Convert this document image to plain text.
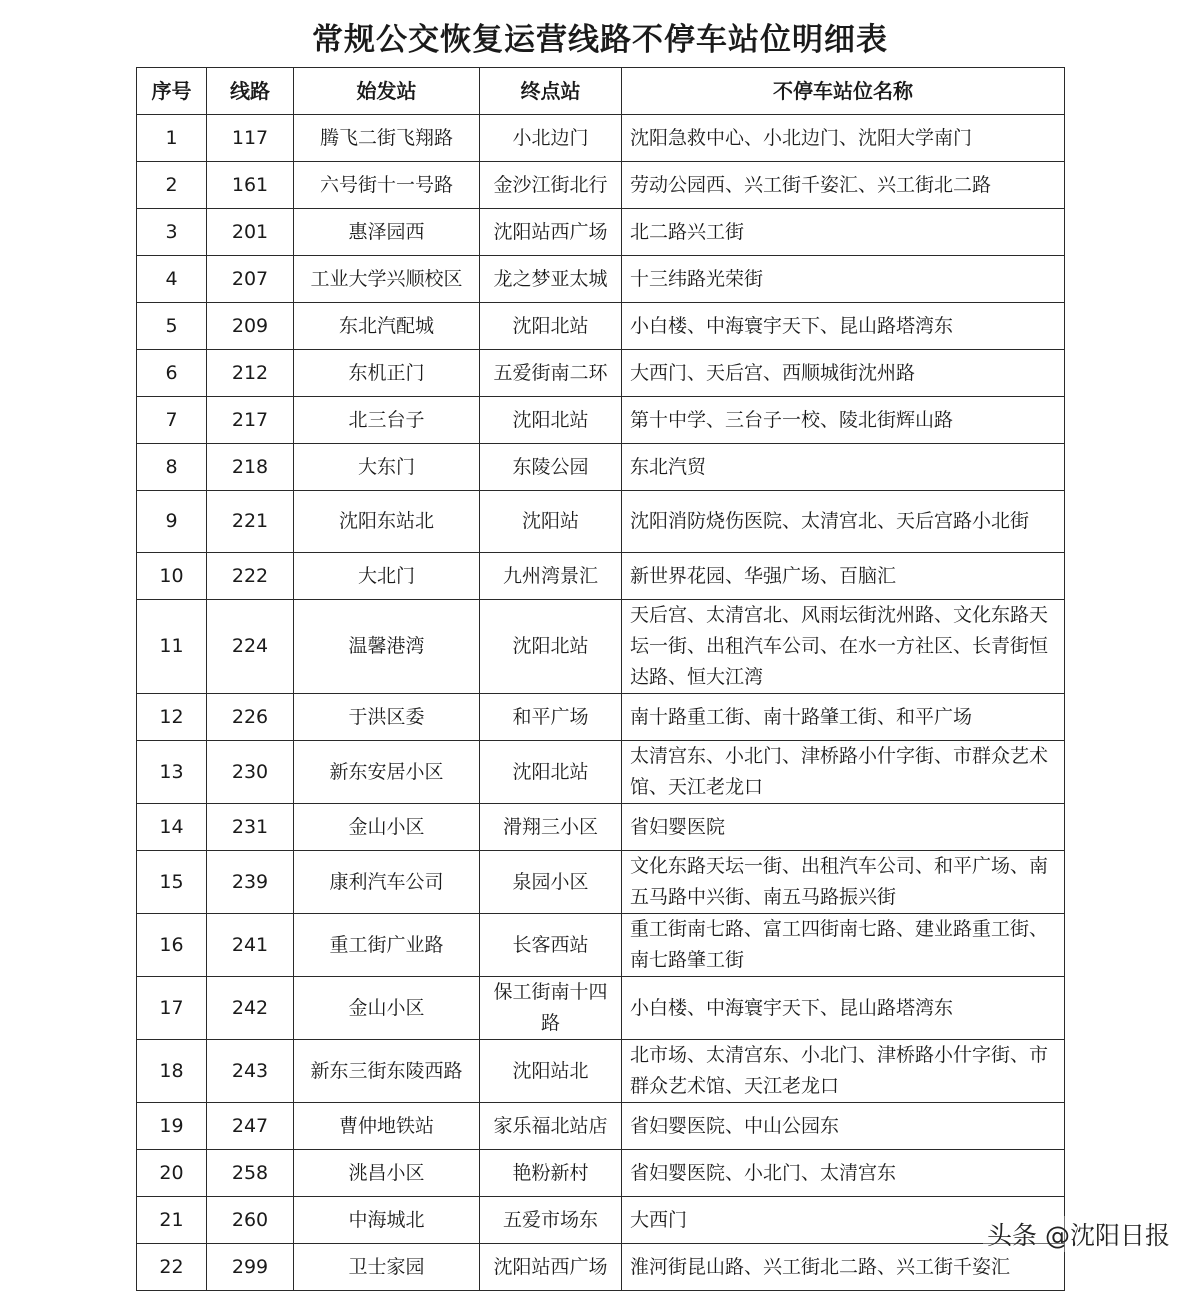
常规公交恢复运营线路不停车站位明细表
序号	线路	始发站	终点站	不停车站位名称
1	117	腾飞二街飞翔路	小北边门	沈阳急救中心、小北边门、沈阳大学南门
2	161	六号街十一号路	金沙江街北行	劳动公园西、兴工街千姿汇、兴工街北二路
3	201	惠泽园西	沈阳站西广场	北二路兴工街
4	207	工业大学兴顺校区	龙之梦亚太城	十三纬路光荣街
5	209	东北汽配城	沈阳北站	小白楼、中海寰宇天下、昆山路塔湾东
6	212	东机正门	五爱街南二环	大西门、天后宫、西顺城街沈州路
7	217	北三台子	沈阳北站	第十中学、三台子一校、陵北街辉山路
8	218	大东门	东陵公园	东北汽贸
9	221	沈阳东站北	沈阳站	沈阳消防烧伤医院、太清宫北、天后宫路小北街
10	222	大北门	九州湾景汇	新世界花园、华强广场、百脑汇
11	224	温馨港湾	沈阳北站	天后宫、太清宫北、风雨坛街沈州路、文化东路天坛一街、出租汽车公司、在水一方社区、长青街恒达路、恒大江湾
12	226	于洪区委	和平广场	南十路重工街、南十路肇工街、和平广场
13	230	新东安居小区	沈阳北站	太清宫东、小北门、津桥路小什字街、市群众艺术馆、天江老龙口
14	231	金山小区	滑翔三小区	省妇婴医院
15	239	康利汽车公司	泉园小区	文化东路天坛一街、出租汽车公司、和平广场、南五马路中兴街、南五马路振兴街
16	241	重工街广业路	长客西站	重工街南七路、富工四街南七路、建业路重工街、南七路肇工街
17	242	金山小区	保工街南十四路	小白楼、中海寰宇天下、昆山路塔湾东
18	243	新东三街东陵西路	沈阳站北	北市场、太清宫东、小北门、津桥路小什字街、市群众艺术馆、天江老龙口
19	247	曹仲地铁站	家乐福北站店	省妇婴医院、中山公园东
20	258	洮昌小区	艳粉新村	省妇婴医院、小北门、太清宫东
21	260	中海城北	五爱市场东	大西门
22	299	卫士家园	沈阳站西广场	淮河街昆山路、兴工街北二路、兴工街千姿汇
头条 @沈阳日报
